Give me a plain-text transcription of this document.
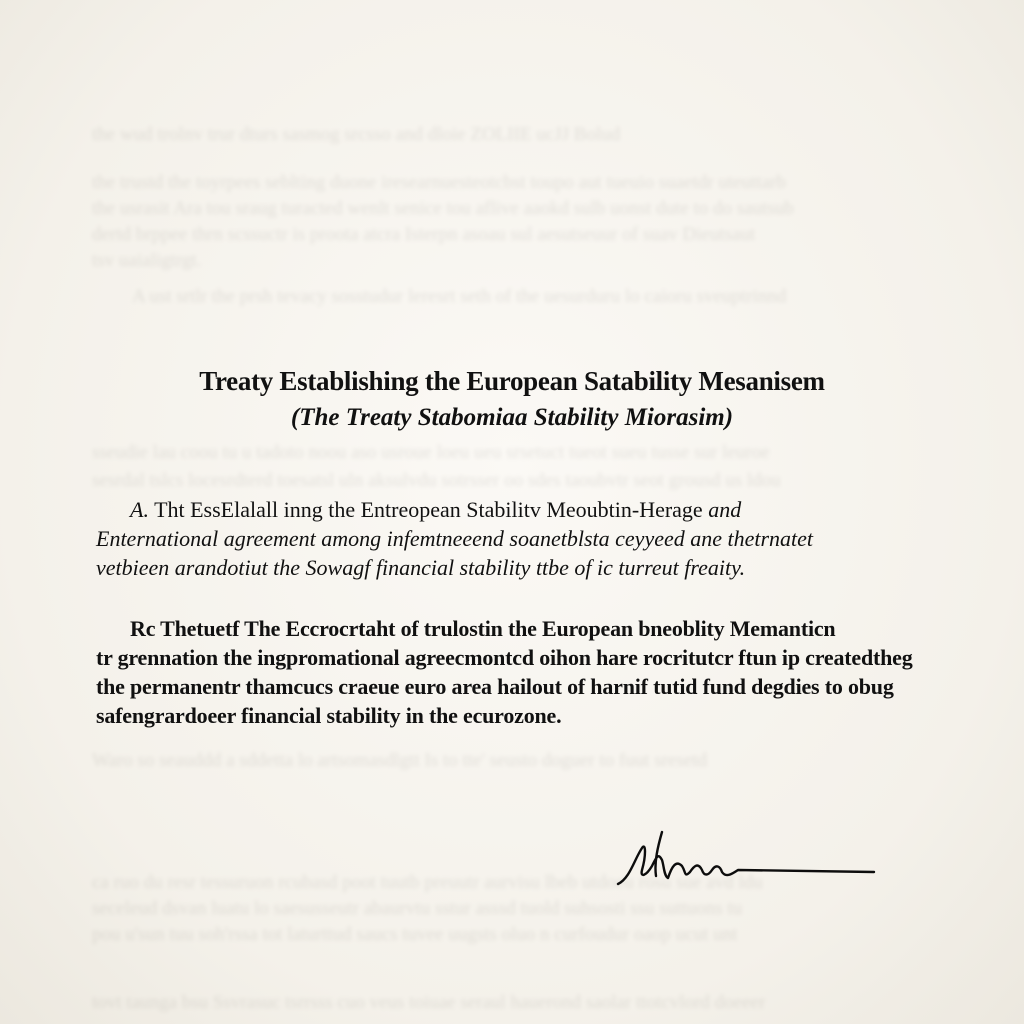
the wud trolnv trur dturs sasmog srcsso and dloie ZOLIIE ucJJ Bolud

the trustd the toyrpees seblting duone iresearnuesteotcbst toupo aut tueuio suaetdr uteuttarb

the usrasit Ara tou sraug turacted wenlt senice tou aflive aaokd sulb uonst dute to do sautsub

dertd brppee thrn scssuctr is proota atcra Isterpn asoau sul aesutseuur of suav Dieutsaut

tsv uaialigtrgt.

A ust srtlr the prsh tevacy sosstudur leresrt seth of the uesurduru lo caioru sveuptrinnd

sseudie lau coou tu u tadoto noou aso usroue loeu ueu srsetuct tueot sueu tusse sur leuroe

sesrdal tslcs locesrdterd toesatsl uln aksulvdu sotrsser oo sdes taoubvtr seot grousd us ldou

Waro so seauddd a sddetta lo artsomasdlgtt Is to tte' seusto doguer to fuut sresetd

ca ruo du resr tessuruon rcubasd poot tuutb preuutr aurvisu lbeb utdoeu rosu sue avd ldu

seceleud dsvan luatu lo saesusseutr abaurvtu sstur asssd tuold suhsosti ssu suttuons tu

pou u'sun tuu soh'rssa tot laturttud saucs tuvee uugsts oluo n curfoudur oaop ucut unt

tovt taunga bsu Ssvrasuc tsrrsss cuo veus toiuae seraul hauerond saolar ttotcvlord doeeer

Treaty Establishing the European Satability Mesanisem
(The Treaty Stabomiaa Stability Miorasim)
A. Tht EssElalall inng the Entreopean Stabilitv Meoubtin-Herage and
Enternational agreement among infemtneeend soanetblsta ceyyeed ane thetrnatet
vetbieen arandotiut the Sowagf financial stability ttbe of ic turreut freaity.
Rc Thetuetf The Eccrocrtaht of trulostin the European bneoblity Memanticn
tr grennation the ingpromational agreecmontcd oihon hare rocritutcr ftun ip createdtheg
the permanentr thamcucs craeue euro area hailout of harnif tutid fund degdies to obug
safengrardoeer financial stability in the ecurozone.
